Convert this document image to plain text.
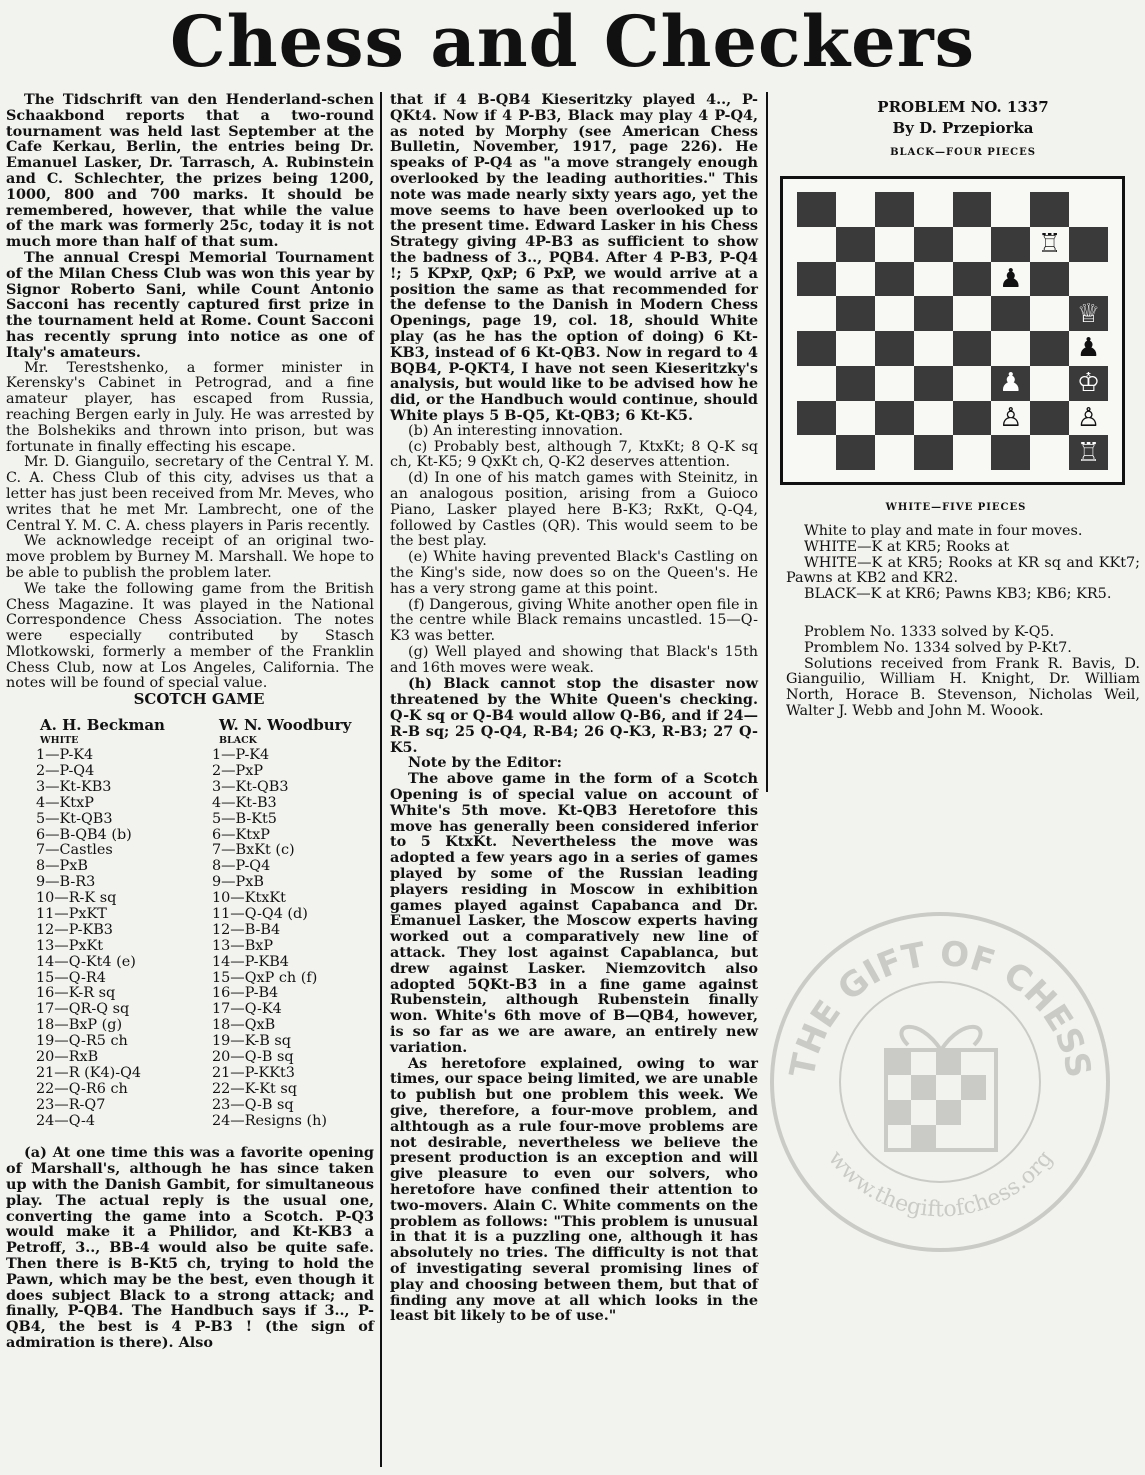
Chess and Checkers

The Tidschrift van den Henderland-schen Schaakbond reports that a two-round tournament was held last September at the Cafe Kerkau, Berlin, the entries being Dr. Emanuel Lasker, Dr. Tarrasch, A. Rubinstein and C. Schlechter, the prizes being 1200, 1000, 800 and 700 marks. It should be remembered, however, that while the value of the mark was formerly 25c, today it is not much more than half of that sum.

The annual Crespi Memorial Tournament of the Milan Chess Club was won this year by Signor Roberto Sani, while Count Antonio Sacconi has recently captured first prize in the tournament held at Rome. Count Sacconi has recently sprung into notice as one of Italy's amateurs.

Mr. Terestshenko, a former minister in Kerensky's Cabinet in Petrograd, and a fine amateur player, has escaped from Russia, reaching Bergen early in July. He was arrested by the Bolshekiks and thrown into prison, but was fortunate in finally effecting his escape.

Mr. D. Gianguilo, secretary of the Central Y. M. C. A. Chess Club of this city, advises us that a letter has just been received from Mr. Meves, who writes that he met Mr. Lambrecht, one of the Central Y. M. C. A. chess players in Paris recently.

We acknowledge receipt of an original two-move problem by Burney M. Marshall. We hope to be able to publish the problem later.

We take the following game from the British Chess Magazine. It was played in the National Correspondence Chess Association. The notes were especially contributed by Stasch Mlotkowski, formerly a member of the Franklin Chess Club, now at Los Angeles, California. The notes will be found of special value.

SCOTCH GAME

A. H. Beckman	W. N. Woodbury
WHITE	BLACK
1—P-K4	1—P-K4
2—P-Q4	2—PxP
3—Kt-KB3	3—Kt-QB3
4—KtxP	4—Kt-B3
5—Kt-QB3	5—B-Kt5
6—B-QB4 (b)	6—KtxP
7—Castles	7—BxKt (c)
8—PxB	8—P-Q4
9—B-R3	9—PxB
10—R-K sq	10—KtxKt
11—PxKT	11—Q-Q4 (d)
12—P-KB3	12—B-B4
13—PxKt	13—BxP
14—Q-Kt4 (e)	14—P-KB4
15—Q-R4	15—QxP ch (f)
16—K-R sq	16—P-B4
17—QR-Q sq	17—Q-K4
18—BxP (g)	18—QxB
19—Q-R5 ch	19—K-B sq
20—RxB	20—Q-B sq
21—R (K4)-Q4	21—P-KKt3
22—Q-R6 ch	22—K-Kt sq
23—R-Q7	23—Q-B sq
24—Q-4	24—Resigns (h)

(a) At one time this was a favorite opening of Marshall's, although he has since taken up with the Danish Gambit, for simultaneous play. The actual reply is the usual one, converting the game into a Scotch. P-Q3 would make it a Philidor, and Kt-KB3 a Petroff, 3.., BB-4 would also be quite safe. Then there is B-Kt5 ch, trying to hold the Pawn, which may be the best, even though it does subject Black to a strong attack; and finally, P-QB4. The Handbuch says if 3.., P-QB4, the best is 4 P-B3 ! (the sign of admiration is there). Also

that if 4 B-QB4 Kieseritzky played 4.., P-QKt4. Now if 4 P-B3, Black may play 4 P-Q4, as noted by Morphy (see American Chess Bulletin, November, 1917, page 226). He speaks of P-Q4 as "a move strangely enough overlooked by the leading authorities." This note was made nearly sixty years ago, yet the move seems to have been overlooked up to the present time. Edward Lasker in his Chess Strategy giving 4P-B3 as sufficient to show the badness of 3.., PQB4. After 4 P-B3, P-Q4 !; 5 KPxP, QxP; 6 PxP, we would arrive at a position the same as that recommended for the defense to the Danish in Modern Chess Openings, page 19, col. 18, should White play (as he has the option of doing) 6 Kt-KB3, instead of 6 Kt-QB3. Now in regard to 4 BQB4, P-QKT4, I have not seen Kieseritzky's analysis, but would like to be advised how he did, or the Handbuch would continue, should White plays 5 B-Q5, Kt-QB3; 6 Kt-K5.

(b) An interesting innovation.

(c) Probably best, although 7, KtxKt; 8 Q-K sq ch, Kt-K5; 9 QxKt ch, Q-K2 deserves attention.

(d) In one of his match games with Steinitz, in an analogous position, arising from a Guioco Piano, Lasker played here B-K3; RxKt, Q-Q4, followed by Castles (QR). This would seem to be the best play.

(e) White having prevented Black's Castling on the King's side, now does so on the Queen's. He has a very strong game at this point.

(f) Dangerous, giving White another open file in the centre while Black remains uncastled. 15—Q-K3 was better.

(g) Well played and showing that Black's 15th and 16th moves were weak.

(h) Black cannot stop the disaster now threatened by the White Queen's checking. Q-K sq or Q-B4 would allow Q-B6, and if 24—R-B sq; 25 Q-Q4, R-B4; 26 Q-K3, R-B3; 27 Q-K5.

Note by the Editor:

The above game in the form of a Scotch Opening is of special value on account of White's 5th move. Kt-QB3 Heretofore this move has generally been considered inferior to 5 KtxKt. Nevertheless the move was adopted a few years ago in a series of games played by some of the Russian leading players residing in Moscow in exhibition games played against Capabanca and Dr. Emanuel Lasker, the Moscow experts having worked out a comparatively new line of attack. They lost against Capablanca, but drew against Lasker. Niemzovitch also adopted 5QKt-B3 in a fine game against Rubenstein, although Rubenstein finally won. White's 6th move of B—QB4, however, is so far as we are aware, an entirely new variation.

As heretofore explained, owing to war times, our space being limited, we are unable to publish but one problem this week. We give, therefore, a four-move problem, and althtough as a rule four-move problems are not desirable, nevertheless we believe the present production is an exception and will give pleasure to even our solvers, who heretofore have confined their attention to two-movers. Alain C. White comments on the problem as follows: "This problem is unusual in that it is a puzzling one, although it has absolutely no tries. The difficulty is not that of investigating several promising lines of play and choosing between them, but that of finding any move at all which looks in the least bit likely to be of use."

PROBLEM NO. 1337
By D. Przepiorka
BLACK—FOUR PIECES
♖
♟
♕
♟
♟ ♔
♙ ♙
♖
WHITE—FIVE PIECES

White to play and mate in four moves.

WHITE—K at KR5; Rooks at

WHITE—K at KR5; Rooks at KR sq and KKt7; Pawns at KB2 and KR2.

BLACK—K at KR6; Pawns KB3; KB6; KR5.

Problem No. 1333 solved by K-Q5.

Promblem No. 1334 solved by P-Kt7.

Solutions received from Frank R. Bavis, D. Gianguilio, William H. Knight, Dr. William North, Horace B. Stevenson, Nicholas Weil, Walter J. Webb and John M. Woook.

THE GIFT OF CHESS
www.thegiftofchess.org
